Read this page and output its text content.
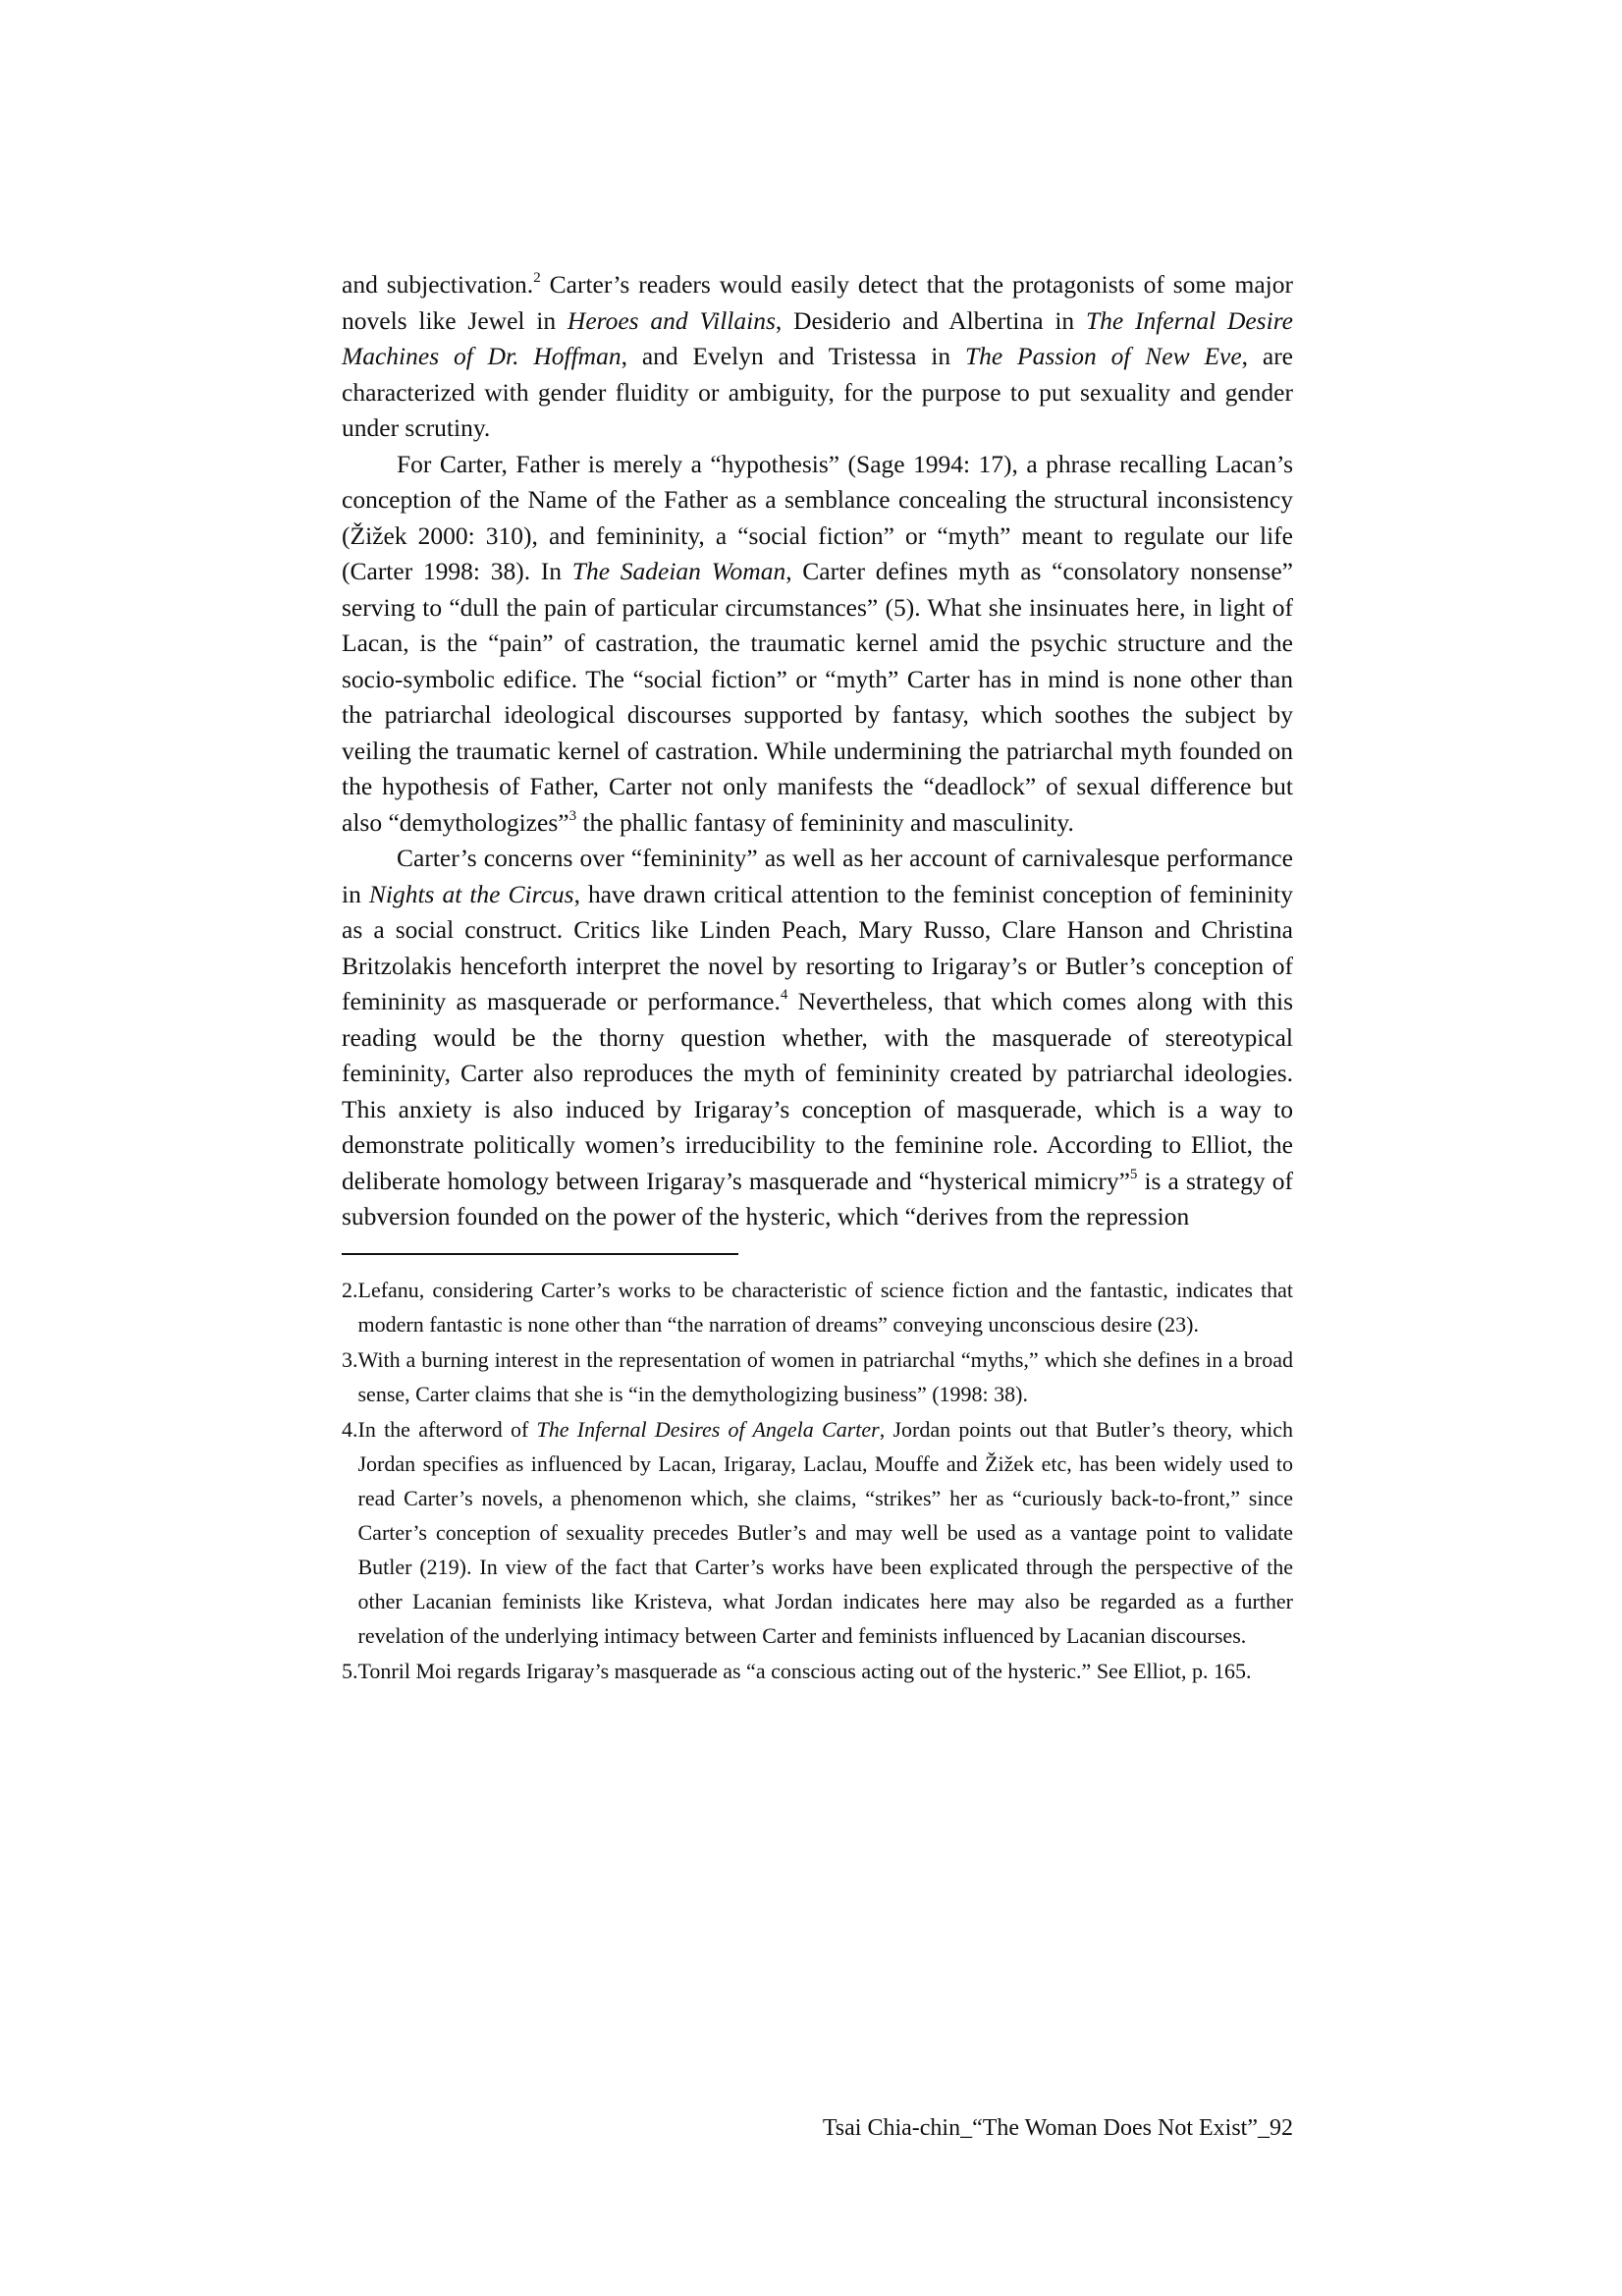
and subjectivation.$^2$ Carter’s readers would easily detect that the protagonists of some major novels like Jewel in Heroes and Villains, Desiderio and Albertina in The Infernal Desire Machines of Dr. Hoffman, and Evelyn and Tristessa in The Passion of New Eve, are characterized with gender fluidity or ambiguity, for the purpose to put sexuality and gender under scrutiny.

For Carter, Father is merely a “hypothesis” (Sage 1994: 17), a phrase recalling Lacan’s conception of the Name of the Father as a semblance concealing the structural inconsistency (Žižek 2000: 310), and femininity, a “social fiction” or “myth” meant to regulate our life (Carter 1998: 38). In The Sadeian Woman, Carter defines myth as “consolatory nonsense” serving to “dull the pain of particular circumstances” (5). What she insinuates here, in light of Lacan, is the “pain” of castration, the traumatic kernel amid the psychic structure and the socio-symbolic edifice. The “social fiction” or “myth” Carter has in mind is none other than the patriarchal ideological discourses supported by fantasy, which soothes the subject by veiling the traumatic kernel of castration. While undermining the patriarchal myth founded on the hypothesis of Father, Carter not only manifests the “deadlock” of sexual difference but also “demythologizes”$^3$ the phallic fantasy of femininity and masculinity.

Carter’s concerns over “femininity” as well as her account of carnivalesque performance in Nights at the Circus, have drawn critical attention to the feminist conception of femininity as a social construct. Critics like Linden Peach, Mary Russo, Clare Hanson and Christina Britzolakis henceforth interpret the novel by resorting to Irigaray’s or Butler’s conception of femininity as masquerade or performance.$^4$ Nevertheless, that which comes along with this reading would be the thorny question whether, with the masquerade of stereotypical femininity, Carter also reproduces the myth of femininity created by patriarchal ideologies. This anxiety is also induced by Irigaray’s conception of masquerade, which is a way to demonstrate politically women’s irreducibility to the feminine role. According to Elliot, the deliberate homology between Irigaray’s masquerade and “hysterical mimicry”$^5$ is a strategy of subversion founded on the power of the hysteric, which “derives from the repression

2. Lefanu, considering Carter’s works to be characteristic of science fiction and the fantastic, indicates that modern fantastic is none other than “the narration of dreams” conveying unconscious desire (23).
3. With a burning interest in the representation of women in patriarchal “myths,” which she defines in a broad sense, Carter claims that she is “in the demythologizing business” (1998: 38).
4. In the afterword of The Infernal Desires of Angela Carter, Jordan points out that Butler’s theory, which Jordan specifies as influenced by Lacan, Irigaray, Laclau, Mouffe and Žižek etc, has been widely used to read Carter’s novels, a phenomenon which, she claims, “strikes” her as “curiously back-to-front,” since Carter’s conception of sexuality precedes Butler’s and may well be used as a vantage point to validate Butler (219). In view of the fact that Carter’s works have been explicated through the perspective of the other Lacanian feminists like Kristeva, what Jordan indicates here may also be regarded as a further revelation of the underlying intimacy between Carter and feminists influenced by Lacanian discourses.
5. Tonril Moi regards Irigaray’s masquerade as “a conscious acting out of the hysteric.” See Elliot, p. 165.
Tsai Chia-chin_“The Woman Does Not Exist”_92
